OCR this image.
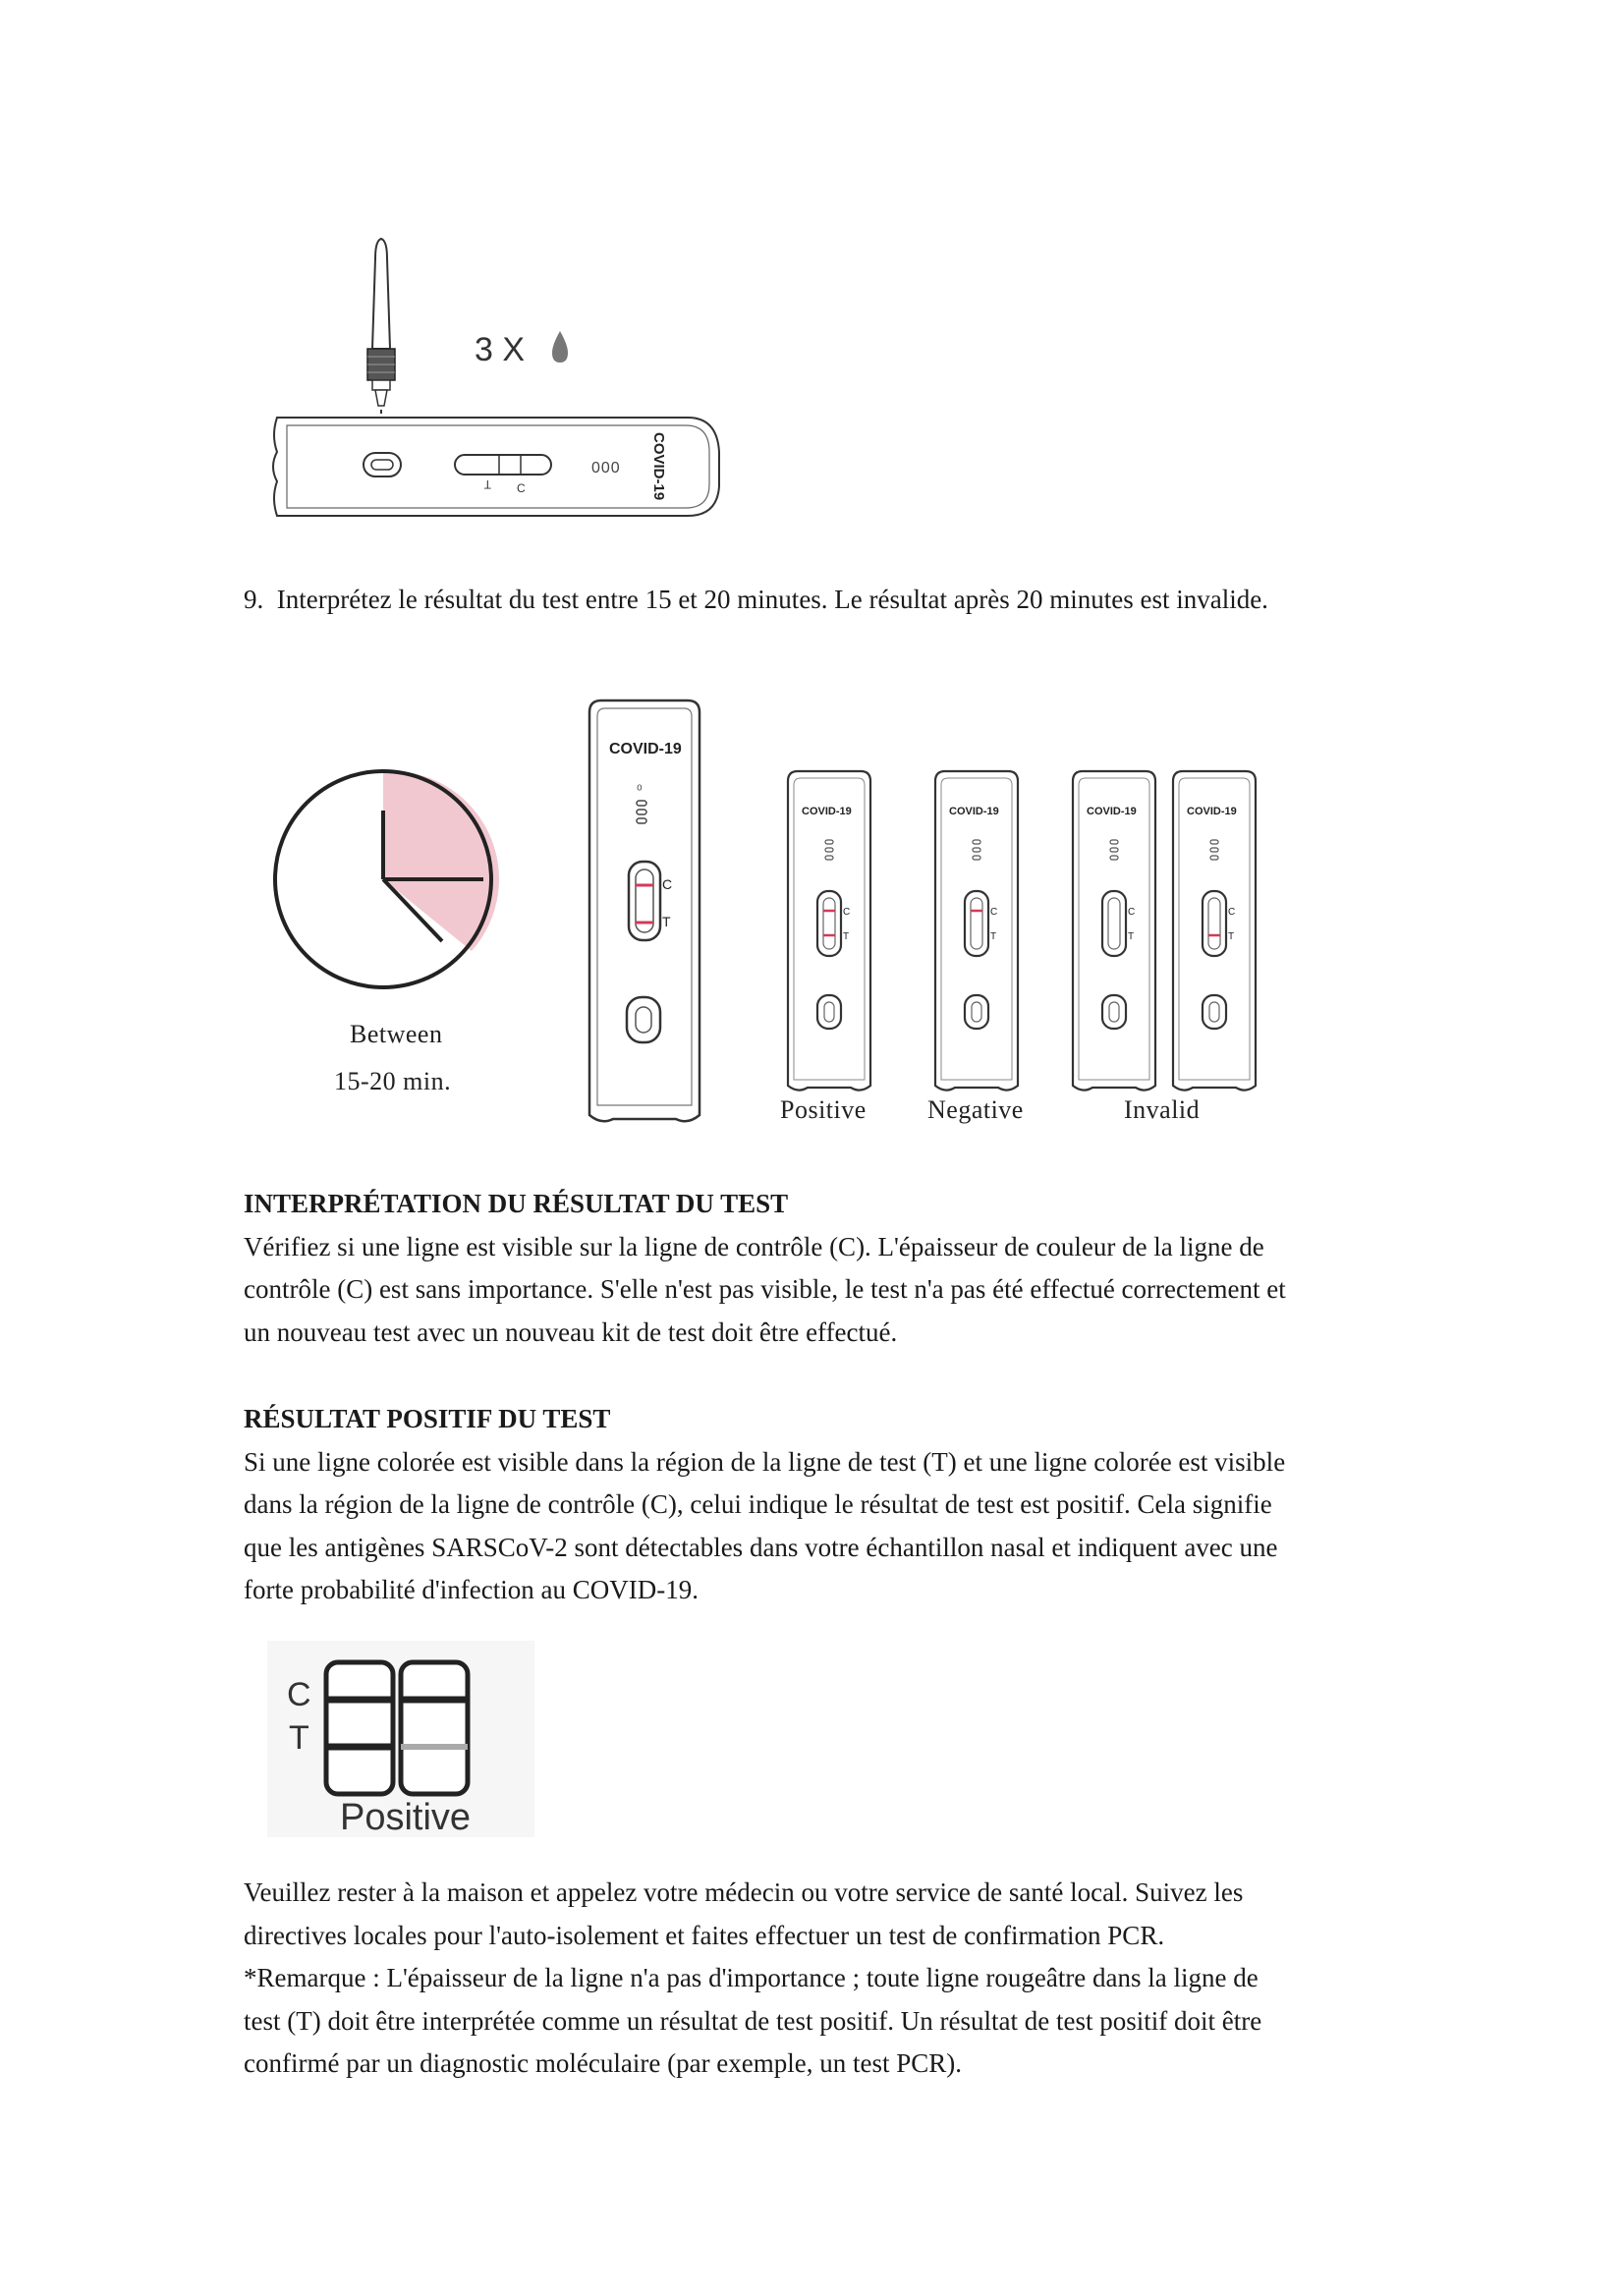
3 X
T C
000 COVID-19
9. Interprétez le résultat du test entre 15 et 20 minutes. Le résultat après 20 minutes est invalide.
Between
15-20 min.
COVID-19
⁰
C
T
COVID-19
C
T
COVID-19
C
T
COVID-19
C
T
COVID-19
C
T
Positive Negative	Invalid
INTERPRÉTATION DU RÉSULTAT DU TEST

Vérifiez si une ligne est visible sur la ligne de contrôle (C). L'épaisseur de couleur de la ligne de
contrôle (C) est sans importance. S'elle n'est pas visible, le test n'a pas été effectué correctement et
un nouveau test avec un nouveau kit de test doit être effectué.

RÉSULTAT POSITIF DU TEST

Si une ligne colorée est visible dans la région de la ligne de test (T) et une ligne colorée est visible
dans la région de la ligne de contrôle (C), celui indique le résultat de test est positif. Cela signifie
que les antigènes SARSCoV-2 sont détectables dans votre échantillon nasal et indiquent avec une
forte probabilité d'infection au COVID-19.

C
T
Positive

Veuillez rester à la maison et appelez votre médecin ou votre service de santé local. Suivez les
directives locales pour l'auto-isolement et faites effectuer un test de confirmation PCR.
*Remarque : L'épaisseur de la ligne n'a pas d'importance ; toute ligne rougeâtre dans la ligne de
test (T) doit être interprétée comme un résultat de test positif. Un résultat de test positif doit être
confirmé par un diagnostic moléculaire (par exemple, un test PCR).
